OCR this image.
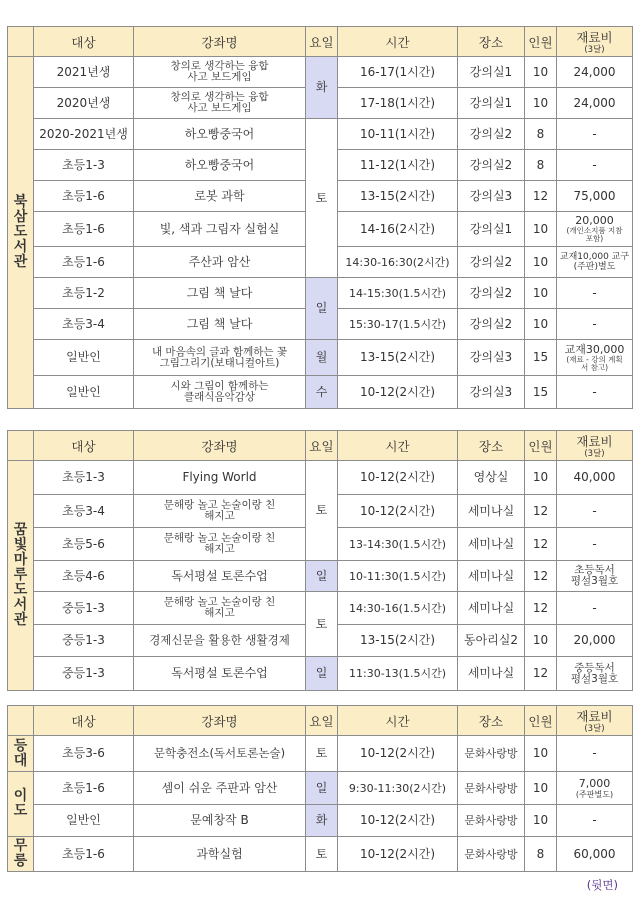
	대상	강좌명	요일	시간	장소	인원	재료비
(3달)

북삼도서관	2021년생	창의로 생각하는 융합 사고 보드게임	화	16-17(1시간)	강의실1	10	24,000
	2020년생	창의로 생각하는 융합 사고 보드게임		17-18(1시간)	강의실1	10	24,000
	2020-2021년생	하오빵중국어	토	10-11(1시간)	강의실2	8	-
	초등1-3	하오빵중국어		11-12(1시간)	강의실2	8	-
	초등1-6	로봇 과학		13-15(2시간)	강의실3	12	75,000
	초등1-6	빛, 색과 그림자 실험실		14-16(2시간)	강의실1	10	20,000
(개인소지품 지참포함)

	초등1-6	주산과 암산		14:30-16:30(2시간)	강의실2	10	교재10,000 교구(주판)별도
	초등1-2	그림 책 날다	일	14-15:30(1.5시간)	강의실2	10	-
	초등3-4	그림 책 날다		15:30-17(1.5시간)	강의실2	10	-
	일반인	내 마음속의 글과 함께하는 꽃그림그리기(보태니컬아트)	월	13-15(2시간)	강의실3	15	교재30,000
(재료 - 강의 계획서 참고)

	일반인	시와 그림이 함께하는 클래식음악감상	수	10-12(2시간)	강의실3	15	-
	대상	강좌명	요일	시간	장소	인원	재료비
(3달)

꿈빛마루도서관	초등1-3	Flying World	토	10-12(2시간)	영상실	10	40,000
	초등3-4	문해랑 놀고 논술이랑 친해지고		10-12(2시간)	세미나실	12	-
	초등5-6	문해랑 놀고 논술이랑 친해지고		13-14:30(1.5시간)	세미나실	12	-
	초등4-6	독서평설 토론수업	일	10-11:30(1.5시간)	세미나실	12	초등독서 평설3월호
	중등1-3	문해랑 놀고 논술이랑 친해지고	토	14:30-16(1.5시간)	세미나실	12	-
	중등1-3	경제신문을 활용한 생활경제		13-15(2시간)	동아리실2	10	20,000
	중등1-3	독서평설 토론수업	일	11:30-13(1.5시간)	세미나실	12	중등독서 평설3월호
	대상	강좌명	요일	시간	장소	인원	재료비
(3달)

등대	초등3-6	문학충전소(독서토론논술)	토	10-12(2시간)	문화사랑방	10	-

이도	초등1-6	셈이 쉬운 주판과 암산	일	9:30-11:30(2시간)	문화사랑방	10	7,000
(주판별도)

	일반인	문예창작 B	화	10-12(2시간)	문화사랑방	10	-

무릉	초등1-6	과학실험	토	10-12(2시간)	문화사랑방	8	60,000
(뒷면)
